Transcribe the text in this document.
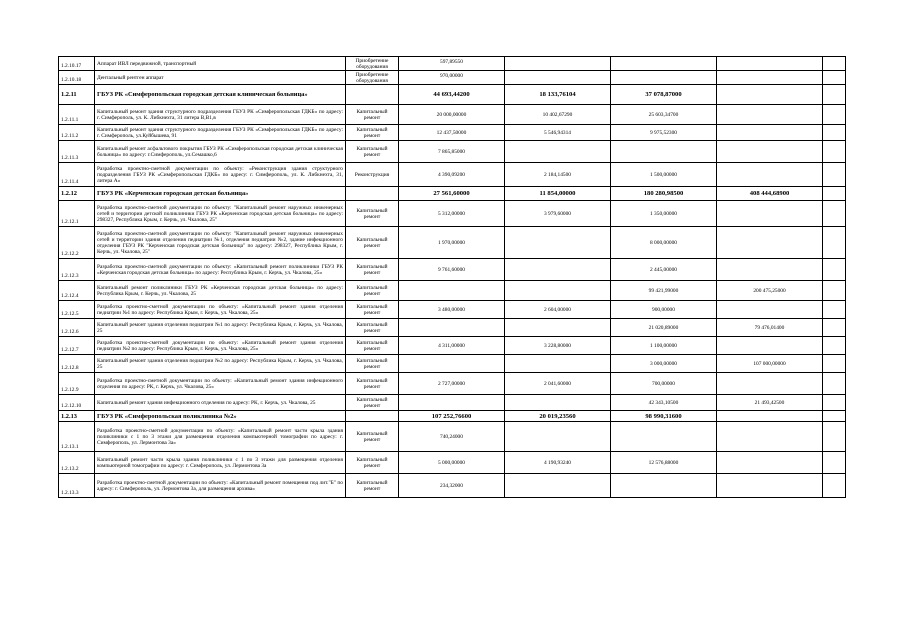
1.2.10.17	Аппарат ИВЛ передвижной, транспортный	Приобретение оборудования	597,89550				
1.2.10.18	Дентальный рентген аппарат	Приобретение оборудования	970,00000				
1.2.11	ГБУЗ РК «Симферопольская городская детская клиническая больница»		44 693,44200	18 133,76104	37 078,87000		
1.2.11.1	Капитальный ремонт здания структурного подразделения ГБУЗ РК «Симферопольская ГДКБ» по адресу: г. Симферополь, ул. К. Либкнехта, 31 литера В,В1,в	Капитальный ремонт	20 000,00000	10 402,67290	25 603,34700		
1.2.11.2	Капитальный ремонт здания структурного подразделения ГБУЗ РК «Симферопольская ГДКБ» по адресу: г. Симферополь, ул.Куйбышева, 91	Капитальный ремонт	12 437,50000	5 546,94314	9 975,52300		
1.2.11.3	Капитальный ремонт асфальтового покрытия ГБУЗ РК «Симферопольская городская детская клиническая больница» по адресу: г.Симферополь, ул.Семашко,6	Капитальный ремонт	7 865,85000				
1.2.11.4	Разработка проектно-сметной документации по объекту: «Реконструкция здания структурного подразделения ГБУЗ РК «Симферопольская ГДКБ» по адресу: г. Симферополь, ул. К. Либкнехта, 31, литера А»	Реконструкция	4 390,09200	2 184,14500	1 500,00000		
1.2.12	ГБУЗ РК «Керченская городская детская больница»		27 561,60000	11 854,00000	180 280,98500	408 444,68900	
1.2.12.1	Разработка проектно-сметной документации по объекту: "Капитальный ремонт наружных инженерных сетей и территории детской поликлиники ГБУЗ РК «Керченская городская детская больница» по адресу: 298327, Республика Крым, г. Керчь, ул. Чкалова, 25"	Капитальный ремонт	5 312,00000	3 979,60000	1 350,00000		
1.2.12.2	Разработка проектно-сметной документации по объекту: "Капитальный ремонт наружных инженерных сетей и территории здания отделения педиатрии №1, отделения педиатрии №2, здание инфекционного отделения ГБУЗ РК "Керченская городская детская больница" по адресу: 298327, Республика Крым, г. Керчь, ул. Чкалова, 25"	Капитальный ремонт	1 970,00000		8 000,00000		
1.2.12.3	Разработка проектно-сметной документации по объекту: «Капитальный ремонт поликлиники ГБУЗ РК «Керченская городская детская больница» по адресу: Республика Крым, г. Керчь, ул. Чкалова, 25»	Капитальный ремонт	9 761,60000		2 445,00000		
1.2.12.4	Капитальный ремонт поликлиники ГБУЗ РК «Керченская городская детская больница» по адресу: Республика Крым, г. Керчь, ул. Чкалова, 25	Капитальный ремонт			99 421,99000	200 475,25000	
1.2.12.5	Разработка проектно-сметной документации по объекту: «Капитальный ремонт здания отделения педиатрии №1 по адресу: Республика Крым, г. Керчь, ул. Чкалова, 25»	Капитальный ремонт	3 480,00000	2 604,00000	900,00000		
1.2.12.6	Капитальный ремонт здания отделения педиатрии №1 по адресу: Республика Крым, г. Керчь, ул. Чкалова, 25	Капитальный ремонт			21 020,89000	79 476,01400	
1.2.12.7	Разработка проектно-сметной документации по объекту: «Капитальный ремонт здания отделения педиатрии №2 по адресу: Республика Крым, г. Керчь, ул. Чкалова, 25»	Капитальный ремонт	4 311,00000	3 228,80000	1 100,00000		
1.2.12.8	Капитальный ремонт здания отделения педиатрии №2 по адресу: Республика Крым, г. Керчь, ул. Чкалова, 25	Капитальный ремонт			3 000,00000	107 000,00000	
1.2.12.9	Разработка проектно-сметной документации по объекту: «Капитальный ремонт здания инфекционного отделения по адресу: РК, г. Керчь, ул. Чкалова, 25»	Капитальный ремонт	2 727,00000	2 041,60000	700,00000		
1.2.12.10	Капитальный ремонт здания инфекционного отделения по адресу: РК, г. Керчь, ул. Чкалова, 25	Капитальный ремонт			42 343,10500	21 493,42500	
1.2.13	ГБУЗ РК «Симферопольская поликлиника №2»		107 252,76600	20 019,23560	98 990,31600		
1.2.13.1	Разработка проектно-сметной документации по объекту: «Капитальный ремонт части крыла здания поликлиники с 1 по 3 этажи для размещения отделения компьютерной томографии по адресу: г. Симферополь, ул. Лермонтова 3а»	Капитальный ремонт	740,24000				
1.2.13.2	Капитальный ремонт части крыла здания поликлиники с 1 по 3 этажи для размещения отделения компьютерной томографии по адресу: г. Симферополь, ул. Лермонтова 3а	Капитальный ремонт	5 000,00000	4 190,93240	12 576,88000		
1.2.13.3	Разработка проектно-сметной документации по объекту: «Капитальный ремонт помещения под лит."Б" по адресу: г. Симферополь, ул. Лермонтова 3а, для размещения архива»	Капитальный ремонт	234,32000				
